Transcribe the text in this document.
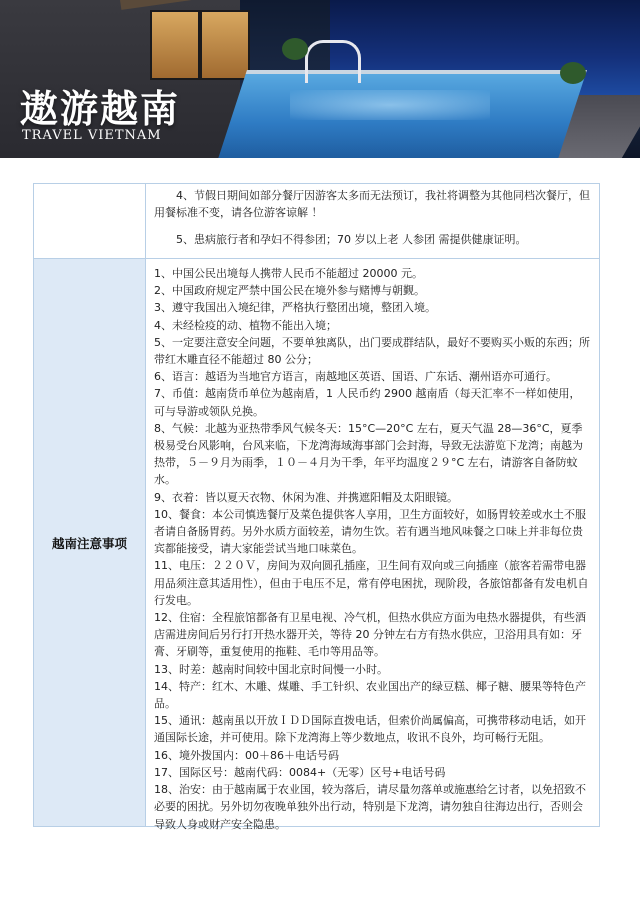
遨游越南
TRAVEL VIETNAM

4、节假日期间如部分餐厅因游客太多而无法预订，我社将调整为其他同档次餐厅，但用餐标准不变，请各位游客谅解 ！

5、患病旅行者和孕妇不得参团；70 岁以上老 人参团 需提供健康证明。

越南注意事项

1、中国公民出境每人携带人民币不能超过 20000 元。

2、中国政府规定严禁中国公民在境外参与赌博与朝觐。

3、遵守我国出入境纪律，严格执行整团出境，整团入境。

4、未经检疫的动、植物不能出入境；

5、一定要注意安全问题，不要单独离队，出门要成群结队，最好不要购买小贩的东西；所带红木雕直径不能超过 80 公分；

6、语言：越语为当地官方语言，南越地区英语、国语、广东话、潮州语亦可通行。

7、币值：越南货币单位为越南盾，1 人民币约 2900 越南盾（每天汇率不一样如使用，可与导游或领队兑换。

8、气候：北越为亚热带季风气候冬天：15°C—20°C 左右，夏天气温 28—36°C，夏季极易受台风影响，台风来临，下龙湾海域海事部门会封海，导致无法游览下龙湾；南越为热带，５－９月为雨季，１０－４月为干季，年平均温度２９°C 左右，请游客自备防蚊水。

9、衣着：皆以夏天衣物、休闲为准、并携遮阳帽及太阳眼镜。

10、餐食：本公司慎选餐厅及菜色提供客人享用，卫生方面较好，如肠胃较差或水土不服者请自备肠胃药。另外水质方面较差，请勿生饮。若有遇当地风味餐之口味上并非每位贵宾都能接受，请大家能尝试当地口味菜色。

11、电压：２２０Ｖ，房间为双向圆孔插座，卫生间有双向或三向插座（旅客若需带电器用品须注意其适用性），但由于电压不足，常有停电困扰，现阶段，各旅馆都备有发电机自行发电。

12、住宿：全程旅馆都备有卫星电视、冷气机，但热水供应方面为电热水器提供，有些酒店需进房间后另行打开热水器开关，等待 20 分钟左右方有热水供应，卫浴用具有如：牙膏、牙刷等，重复使用的拖鞋、毛巾等用品等。

13、时差：越南时间较中国北京时间慢一小时。

14、特产：红木、木雕、煤雕、手工针织、农业国出产的绿豆糕、椰子糖、腰果等特色产品。

15、通讯：越南虽以开放ＩＤＤ国际直拨电话，但索价尚属偏高，可携带移动电话，如开通国际长途，并可使用。除下龙湾海上等少数地点，收讯不良外，均可畅行无阻。

16、境外拨国内：00＋86＋电话号码

17、国际区号：越南代码：0084+（无零）区号+电话号码

18、治安：由于越南属于农业国，较为落后，请尽量勿落单或施惠给乞讨者，以免招致不必要的困扰。另外切勿夜晚单独外出行动，特别是下龙湾，请勿独自往海边出行，否则会导致人身或财产安全隐患。
